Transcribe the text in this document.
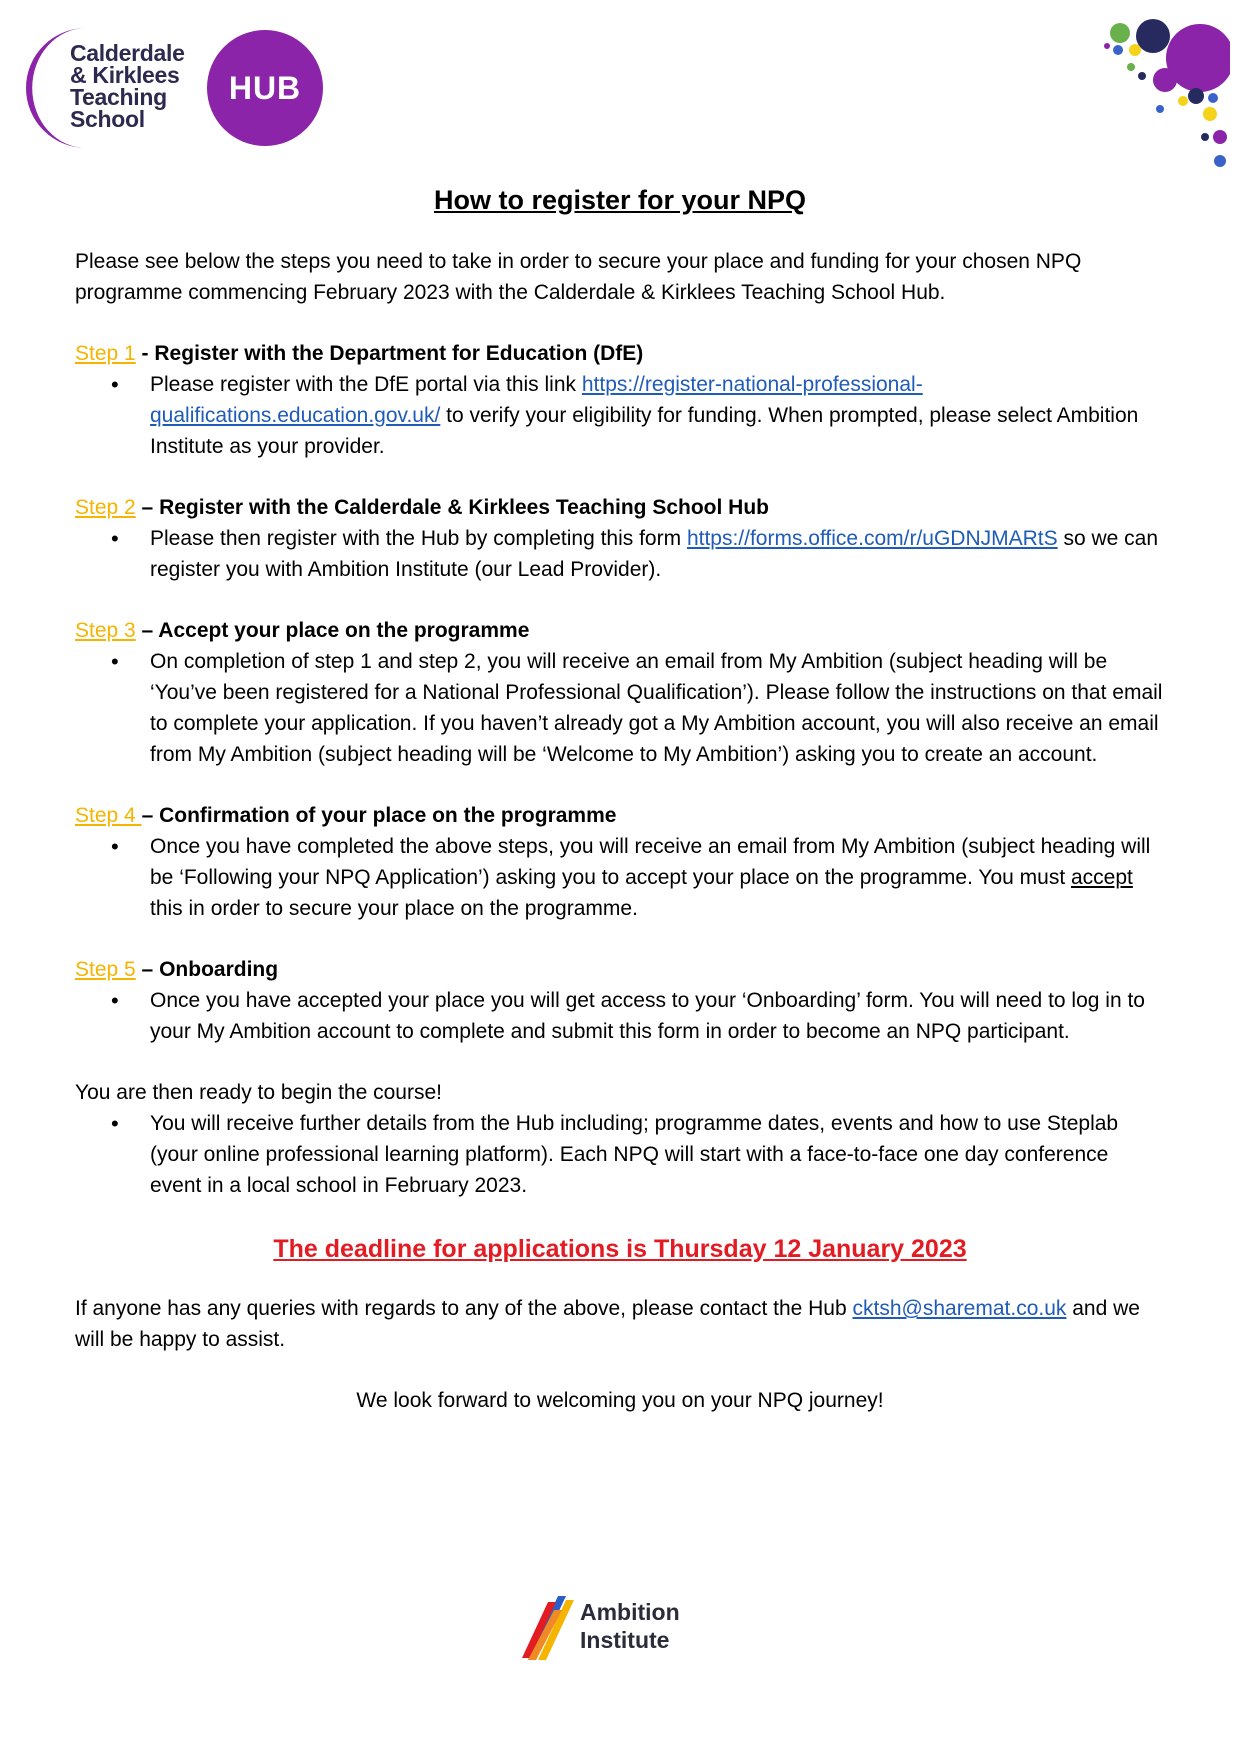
Calderdale
& Kirklees
Teaching
School
HUB
How to register for your NPQ

Please see below the steps you need to take in order to secure your place and funding for your chosen NPQ programme commencing February 2023 with the Calderdale & Kirklees Teaching School Hub.

Step 1 - Register with the Department for Education (DfE)
• Please register with the DfE portal via this link https://register-national-professional-qualifications.education.gov.uk/ to verify your eligibility for funding. When prompted, please select Ambition Institute as your provider.
Step 2 – Register with the Calderdale & Kirklees Teaching School Hub
• Please then register with the Hub by completing this form https://forms.office.com/r/uGDNJMARtS so we can register you with Ambition Institute (our Lead Provider).
Step 3 – Accept your place on the programme
• On completion of step 1 and step 2, you will receive an email from My Ambition (subject heading will be ‘You’ve been registered for a National Professional Qualification’). Please follow the instructions on that email to complete your application. If you haven’t already got a My Ambition account, you will also receive an email from My Ambition (subject heading will be ‘Welcome to My Ambition’) asking you to create an account.
Step 4 – Confirmation of your place on the programme
• Once you have completed the above steps, you will receive an email from My Ambition (subject heading will be ‘Following your NPQ Application’) asking you to accept your place on the programme. You must accept this in order to secure your place on the programme.
Step 5 – Onboarding
• Once you have accepted your place you will get access to your ‘Onboarding’ form. You will need to log in to your My Ambition account to complete and submit this form in order to become an NPQ participant.

You are then ready to begin the course!

• You will receive further details from the Hub including; programme dates, events and how to use Steplab (your online professional learning platform). Each NPQ will start with a face-to-face one day conference event in a local school in February 2023.
The deadline for applications is Thursday 12 January 2023

If anyone has any queries with regards to any of the above, please contact the Hub cktsh@sharemat.co.uk and we will be happy to assist.

We look forward to welcoming you on your NPQ journey!

Ambition
Institute
